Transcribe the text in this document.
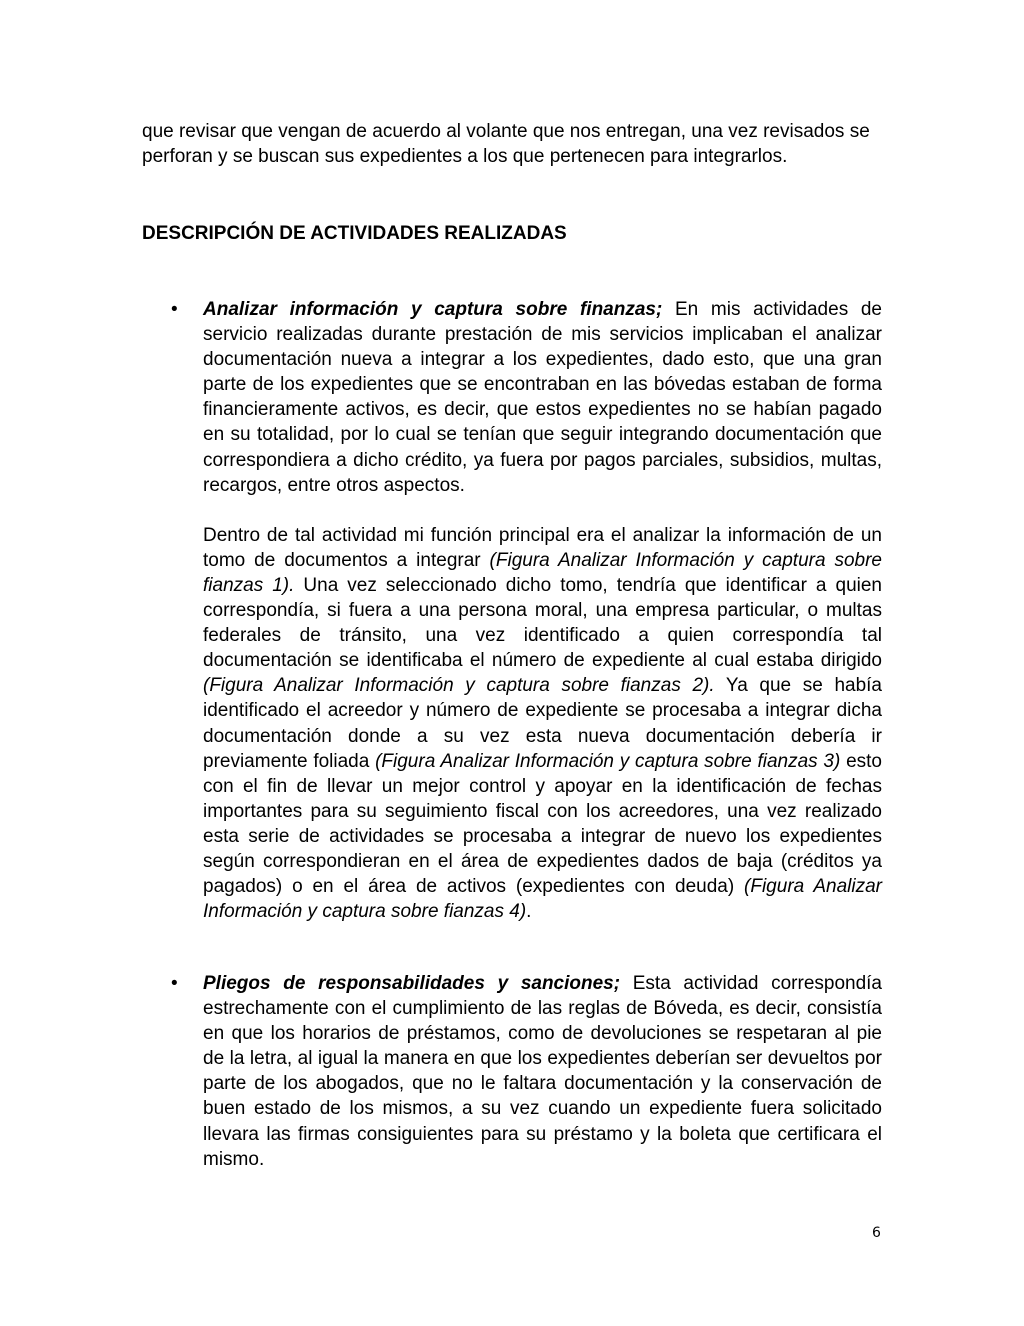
que revisar que vengan de acuerdo al volante que nos entregan, una vez revisados se perforan y se buscan sus expedientes a los que pertenecen para integrarlos.

DESCRIPCIÓN DE ACTIVIDADES REALIZADAS
• Analizar información y captura sobre finanzas; En mis actividades de servicio realizadas durante prestación de mis servicios implicaban el analizar documentación nueva a integrar a los expedientes, dado esto, que una gran parte de los expedientes que se encontraban en las bóvedas estaban de forma financieramente activos, es decir, que estos expedientes no se habían pagado en su totalidad, por lo cual se tenían que seguir integrando documentación que correspondiera a dicho crédito, ya fuera por pagos parciales, subsidios, multas, recargos, entre otros aspectos.

Dentro de tal actividad mi función principal era el analizar la información de un tomo de documentos a integrar (Figura Analizar Información y captura sobre fianzas 1). Una vez seleccionado dicho tomo, tendría que identificar a quien correspondía, si fuera a una persona moral, una empresa particular, o multas federales de tránsito, una vez identificado a quien correspondía tal documentación se identificaba el número de expediente al cual estaba dirigido (Figura Analizar Información y captura sobre fianzas 2). Ya que se había identificado el acreedor y número de expediente se procesaba a integrar dicha documentación donde a su vez esta nueva documentación debería ir previamente foliada (Figura Analizar Información y captura sobre fianzas 3) esto con el fin de llevar un mejor control y apoyar en la identificación de fechas importantes para su seguimiento fiscal con los acreedores, una vez realizado esta serie de actividades se procesaba a integrar de nuevo los expedientes según correspondieran en el área de expedientes dados de baja (créditos ya pagados) o en el área de activos (expedientes con deuda) (Figura Analizar Información y captura sobre fianzas 4).

• Pliegos de responsabilidades y sanciones; Esta actividad correspondía estrechamente con el cumplimiento de las reglas de Bóveda, es decir, consistía en que los horarios de préstamos, como de devoluciones se respetaran al pie de la letra, al igual la manera en que los expedientes deberían ser devueltos por parte de los abogados, que no le faltara documentación y la conservación de buen estado de los mismos, a su vez cuando un expediente fuera solicitado llevara las firmas consiguientes para su préstamo y la boleta que certificara el mismo.

6
